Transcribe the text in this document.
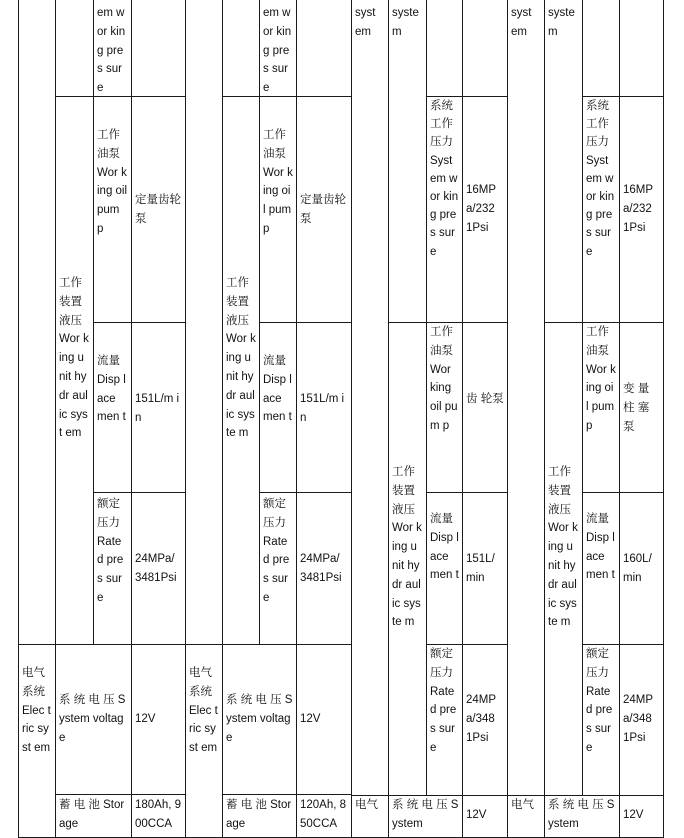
em wor king pres sure
工作装置液压 Wor king unit hydr aulic syst em
工作油泵 Wor king oil pum p
定量齿轮泵
流量 Disp lace men t
151L/m in
额定压力 Rate d pres sure
24MPa/ 3481Psi
电气系统 Elec tric syst em
系 统 电 压 System voltage
12V
蓄 电 池 Storage
180Ah, 900CCA
em wor king pres sure
工作装置液压 Wor king unit hydr aulic syste m
工作油泵 Wor king oil pum p
定量齿轮泵
流量 Disp lace men t
151L/m in
额定压力 Rate d pres sure
24MPa/ 3481Psi
电气系统 Elec tric syst em
系 统 电 压 System voltage
12V
蓄 电 池 Storage
120Ah, 850CCA
syst em
syste m
系统工作压力 Syst em wor king pres sure
16MP a/232 1Psi
工作装置液压 Wor king unit hydr aulic syste m
工作油泵 Wor king oil pum p
齿 轮泵
流量 Disp lace men t
151L/ min
额定压力 Rate d pres sure
24MP a/348 1Psi
电气	系 统 电 压 System
12V
syst em
syste m
系统工作压力 Syst em wor king pres sure
16MP a/232 1Psi
工作装置液压 Wor king unit hydr aulic syste m
工作油泵 Wor king oil pum p
变 量 柱 塞 泵
流量 Disp lace men t
160L/ min
额定压力 Rate d pres sure
24MP a/348 1Psi
电气	系 统 电 压 System
12V
